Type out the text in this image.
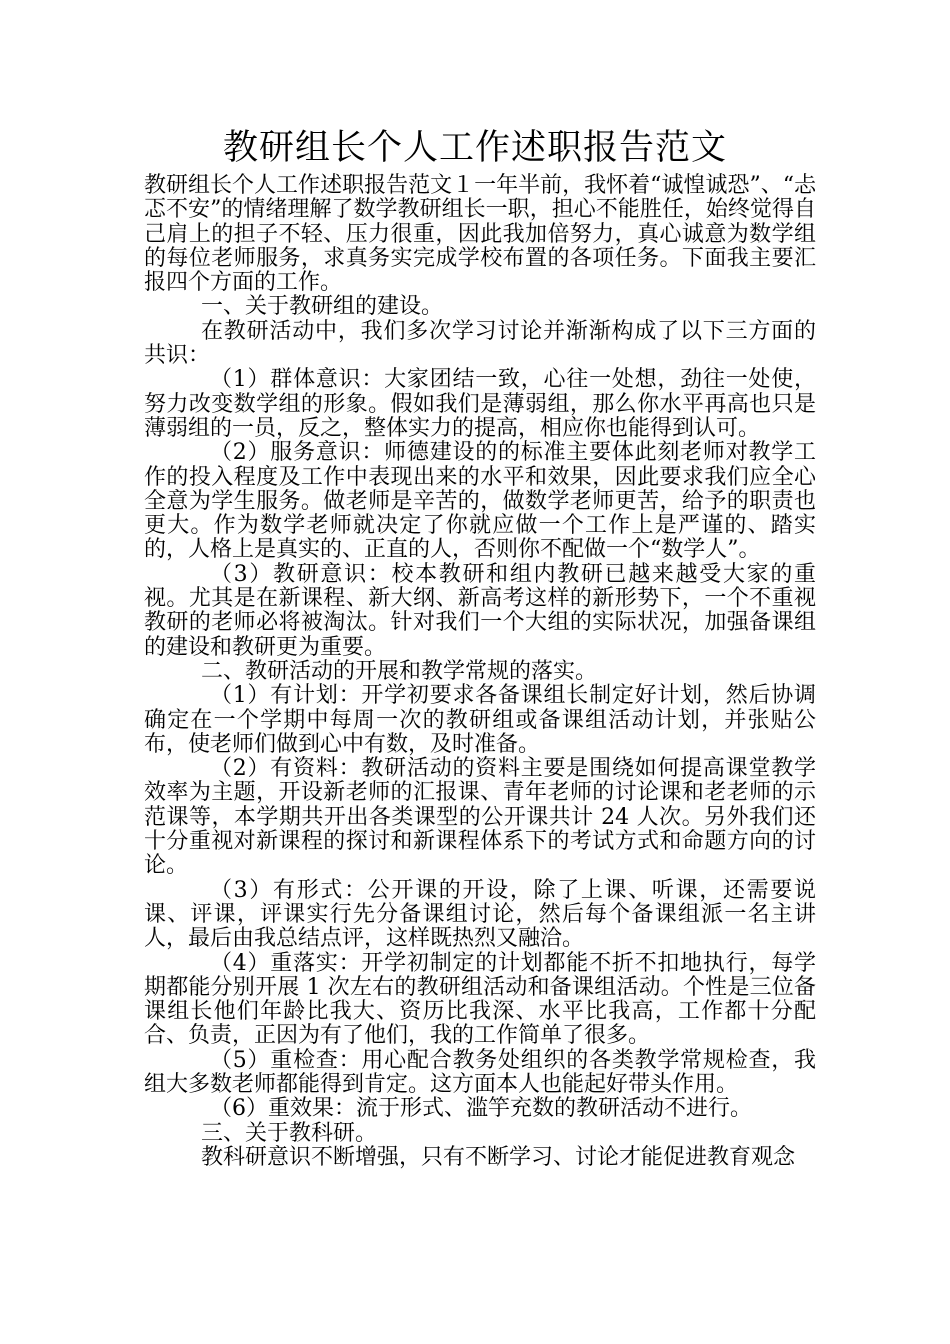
教研组长个人工作述职报告范文

教研组长个人工作述职报告范文１一年半前，我怀着“诚惶诚恐”、“忐忑不安”的情绪理解了数学教研组长一职，担心不能胜任，始终觉得自己肩上的担子不轻、压力很重，因此我加倍努力，真心诚意为数学组的每位老师服务，求真务实完成学校布置的各项任务。下面我主要汇报四个方面的工作。

一、关于教研组的建设。

在教研活动中，我们多次学习讨论并渐渐构成了以下三方面的共识：

（1）群体意识：大家团结一致，心往一处想，劲往一处使，努力改变数学组的形象。假如我们是薄弱组，那么你水平再高也只是薄弱组的一员，反之，整体实力的提高，相应你也能得到认可。

（2）服务意识：师德建设的的标准主要体此刻老师对教学工作的投入程度及工作中表现出来的水平和效果，因此要求我们应全心全意为学生服务。做老师是辛苦的，做数学老师更苦，给予的职责也更大。作为数学老师就决定了你就应做一个工作上是严谨的、踏实的，人格上是真实的、正直的人，否则你不配做一个“数学人”。

（3）教研意识：校本教研和组内教研已越来越受大家的重视。尤其是在新课程、新大纲、新高考这样的新形势下，一个不重视教研的老师必将被淘汰。针对我们一个大组的实际状况，加强备课组的建设和教研更为重要。

二、教研活动的开展和教学常规的落实。

（1）有计划：开学初要求各备课组长制定好计划，然后协调确定在一个学期中每周一次的教研组或备课组活动计划，并张贴公布，使老师们做到心中有数，及时准备。

（2）有资料：教研活动的资料主要是围绕如何提高课堂教学效率为主题，开设新老师的汇报课、青年老师的讨论课和老老师的示范课等，本学期共开出各类课型的公开课共计 24 人次。另外我们还十分重视对新课程的探讨和新课程体系下的考试方式和命题方向的讨论。

（3）有形式：公开课的开设，除了上课、听课，还需要说课、评课，评课实行先分备课组讨论，然后每个备课组派一名主讲人，最后由我总结点评，这样既热烈又融洽。

（4）重落实：开学初制定的计划都能不折不扣地执行，每学期都能分别开展 1 次左右的教研组活动和备课组活动。个性是三位备课组长他们年龄比我大、资历比我深、水平比我高，工作都十分配合、负责，正因为有了他们，我的工作简单了很多。

（5）重检查：用心配合教务处组织的各类教学常规检查，我组大多数老师都能得到肯定。这方面本人也能起好带头作用。

（6）重效果：流于形式、滥竽充数的教研活动不进行。

三、关于教科研。

教科研意识不断增强，只有不断学习、讨论才能促进教育观念
